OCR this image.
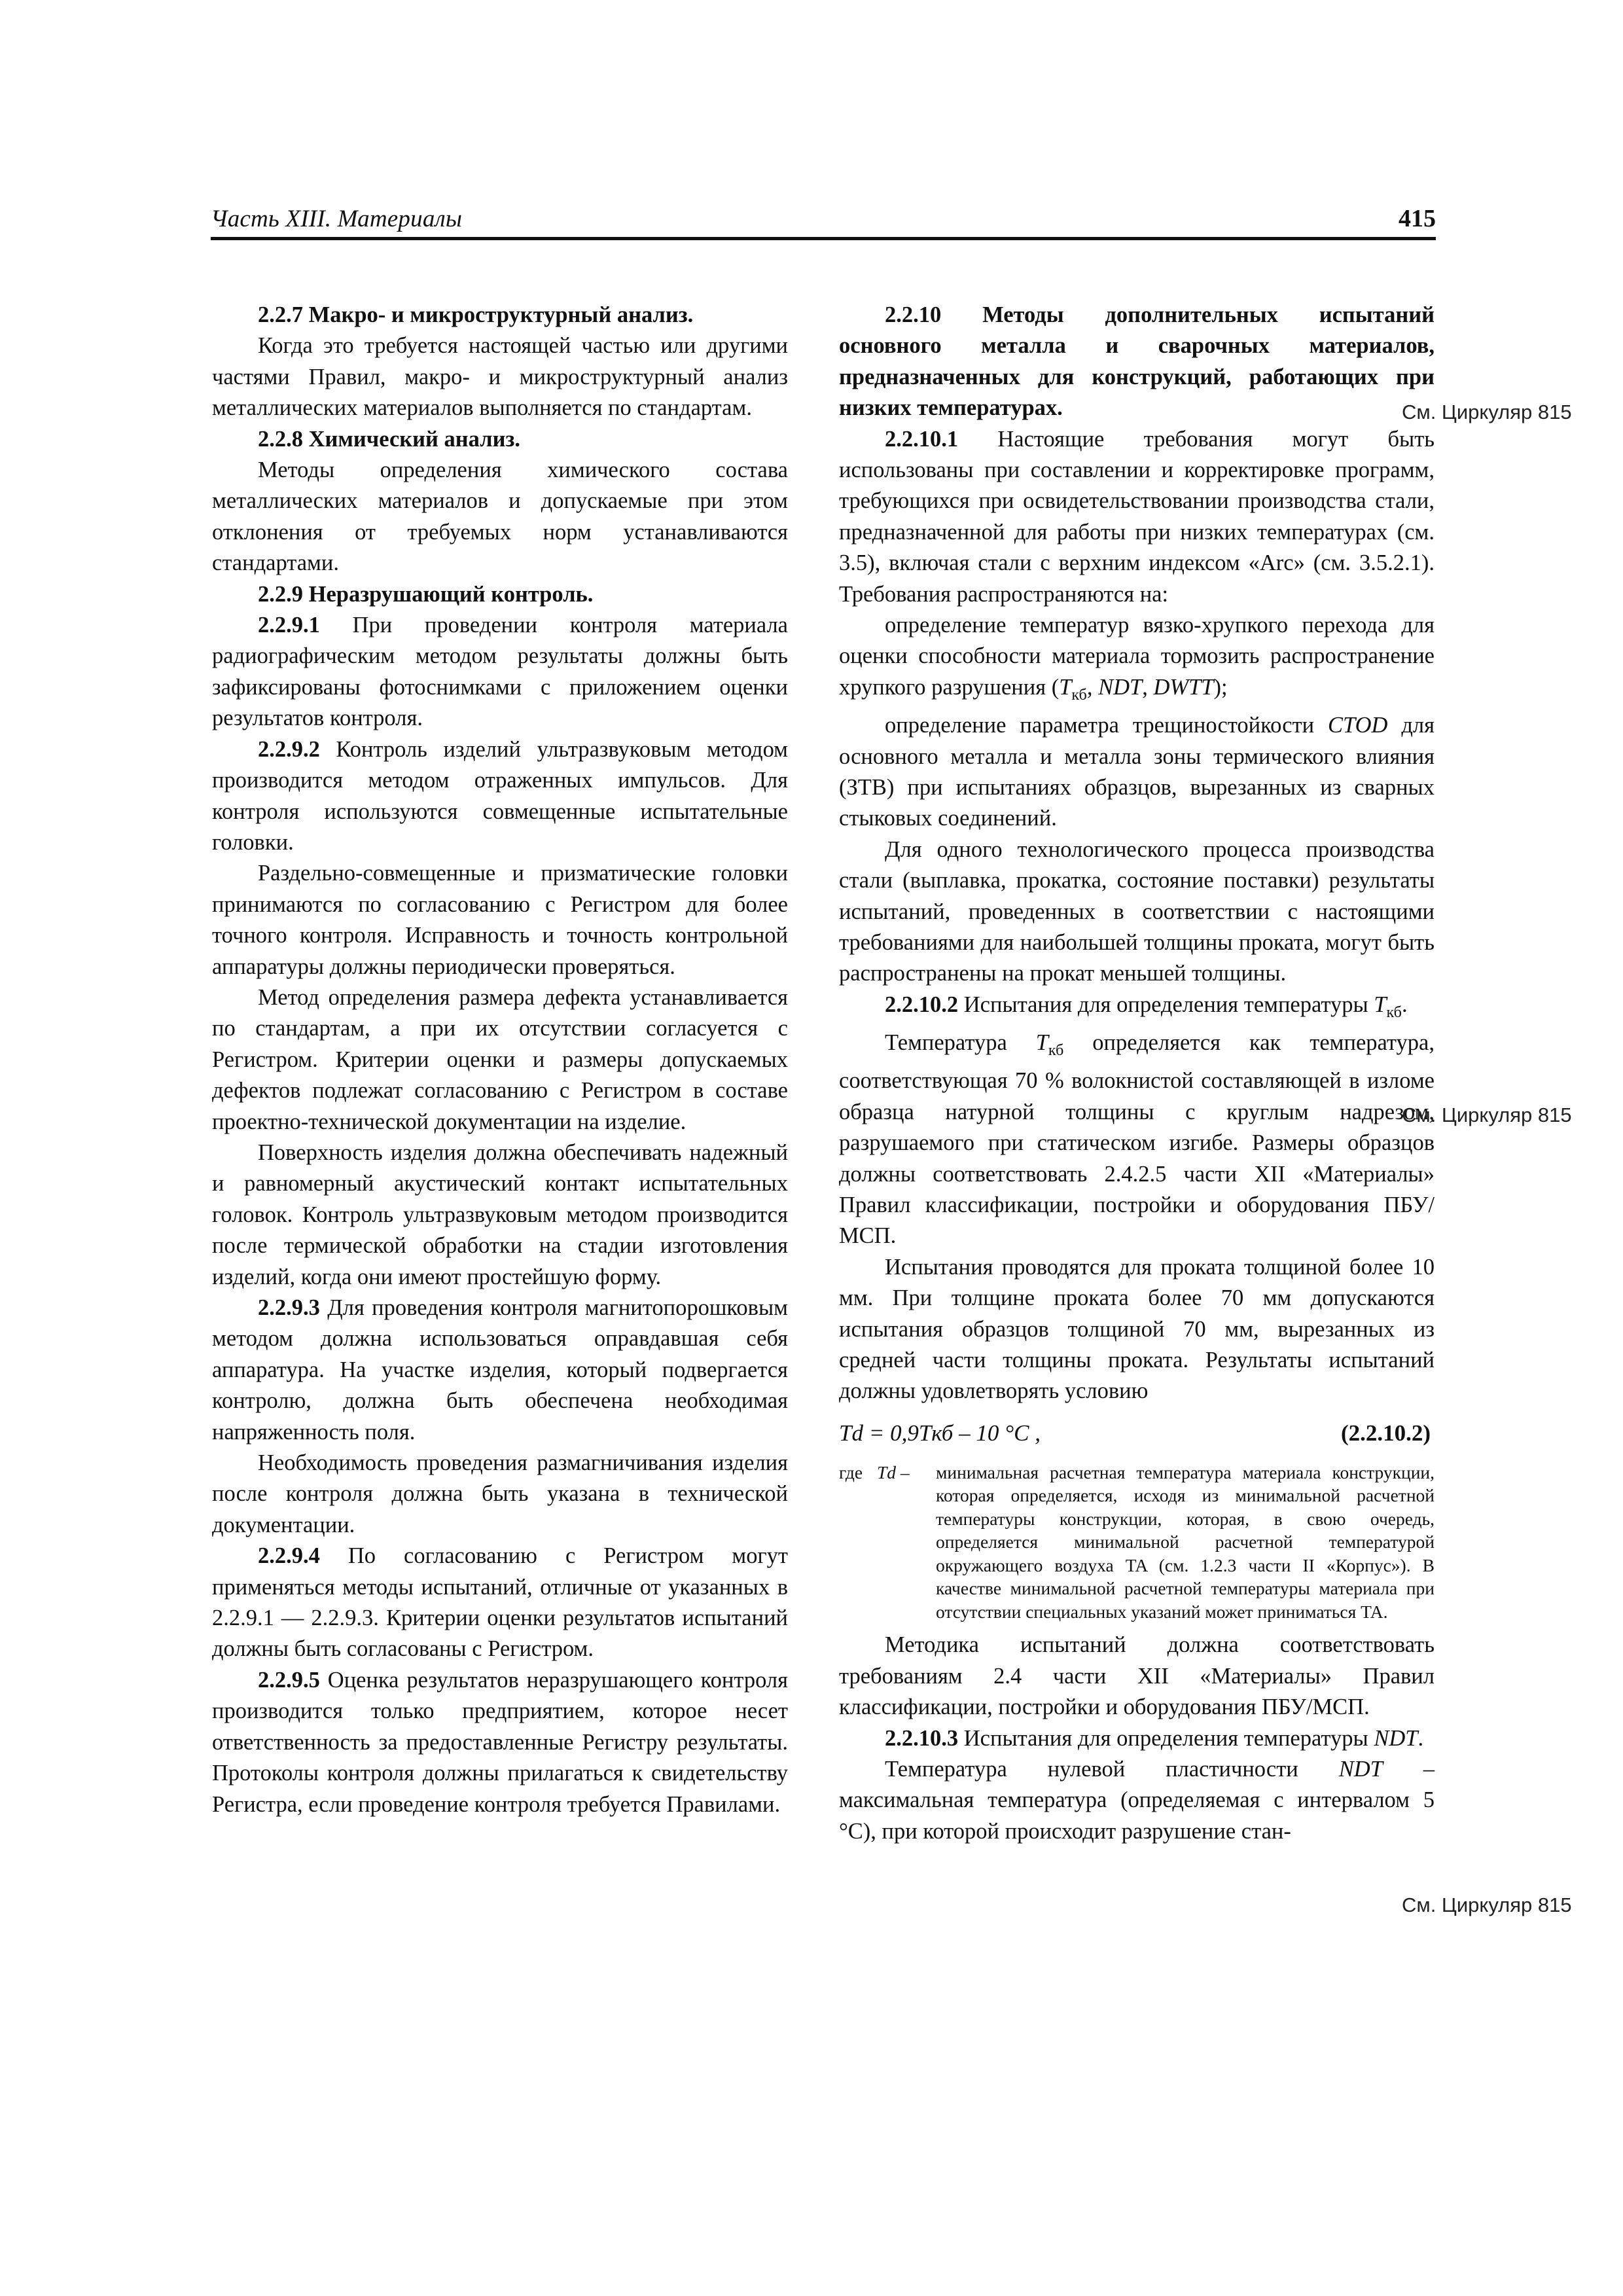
Часть XIII. Материалы	415

2.2.7 Макро- и микроструктурный анализ.

Когда это требуется настоящей частью или другими частями Правил, макро- и микроструктурный анализ металлических материалов выполняется по стандартам.

2.2.8 Химический анализ.

Методы определения химического состава металлических материалов и допускаемые при этом отклонения от требуемых норм устанавливаются стандартами.

2.2.9 Неразрушающий контроль.

2.2.9.1 При проведении контроля материала радиографическим методом результаты должны быть зафиксированы фотоснимками с приложением оценки результатов контроля.

2.2.9.2 Контроль изделий ультразвуковым методом производится методом отраженных импульсов. Для контроля используются совмещенные испытательные головки.

Раздельно-совмещенные и призматические головки принимаются по согласованию с Регистром для более точного контроля. Исправность и точность контрольной аппаратуры должны периодически проверяться.

Метод определения размера дефекта устанавливается по стандартам, а при их отсутствии согласуется с Регистром. Критерии оценки и размеры допускаемых дефектов подлежат согласованию с Регистром в составе проектно-технической документации на изделие.

Поверхность изделия должна обеспечивать надежный и равномерный акустический контакт испытательных головок. Контроль ультразвуковым методом производится после термической обработки на стадии изготовления изделий, когда они имеют простейшую форму.

2.2.9.3 Для проведения контроля магнитопорошковым методом должна использоваться оправдавшая себя аппаратура. На участке изделия, который подвергается контролю, должна быть обеспечена необходимая напряженность поля.

Необходимость проведения размагничивания изделия после контроля должна быть указана в технической документации.

2.2.9.4 По согласованию с Регистром могут применяться методы испытаний, отличные от указанных в 2.2.9.1 — 2.2.9.3. Критерии оценки результатов испытаний должны быть согласованы с Регистром.

2.2.9.5 Оценка результатов неразрушающего контроля производится только предприятием, которое несет ответственность за предоставленные Регистру результаты. Протоколы контроля должны прилагаться к свидетельству Регистра, если проведение контроля требуется Правилами.

2.2.10 Методы дополнительных испытаний основного металла и сварочных материалов, предназначенных для конструкций, работающих при низких температурах.

2.2.10.1 Настоящие требования могут быть использованы при составлении и корректировке программ, требующихся при освидетельствовании производства стали, предназначенной для работы при низких температурах (см. 3.5), включая стали с верхним индексом «Arc» (см. 3.5.2.1). Требования распространяются на:

определение температур вязко-хрупкого перехода для оценки способности материала тормозить распространение хрупкого разрушения ($T_{кб}$, NDT, DWTT);

определение параметра трещиностойкости CTOD для основного металла и металла зоны термического влияния (ЗТВ) при испытаниях образцов, вырезанных из сварных стыковых соединений.

Для одного технологического процесса производства стали (выплавка, прокатка, состояние поставки) результаты испытаний, проведенных в соответствии с настоящими требованиями для наибольшей толщины проката, могут быть распространены на прокат меньшей толщины.

2.2.10.2 Испытания для определения температуры $T_{кб}$.

Температура $T_{кб}$ определяется как температура, соответствующая 70 % волокнистой составляющей в изломе образца натурной толщины с круглым надрезом, разрушаемого при статическом изгибе. Размеры образцов должны соответствовать 2.4.2.5 части XII «Материалы» Правил классификации, постройки и оборудования ПБУ/МСП.

Испытания проводятся для проката толщиной более 10 мм. При толщине проката более 70 мм допускаются испытания образцов толщиной 70 мм, вырезанных из средней части толщины проката. Результаты испытаний должны удовлетворять условию

Td = 0,9Tкб – 10 °C ,	(2.2.10.2)
где Td –	минимальная расчетная температура материала конструкции, которая определяется, исходя из минимальной расчетной температуры конструкции, которая, в свою очередь, определяется минимальной расчетной температурой окружающего воздуха TA (см. 1.2.3 части II «Корпус»). В качестве минимальной расчетной температуры материала при отсутствии специальных указаний может приниматься TA.

Методика испытаний должна соответствовать требованиям 2.4 части XII «Материалы» Правил классификации, постройки и оборудования ПБУ/МСП.

2.2.10.3 Испытания для определения температуры NDT.

Температура нулевой пластичности NDT – максимальная температура (определяемая с интервалом 5 °C), при которой происходит разрушение стан-

См. Циркуляр 815
См. Циркуляр 815
См. Циркуляр 815
